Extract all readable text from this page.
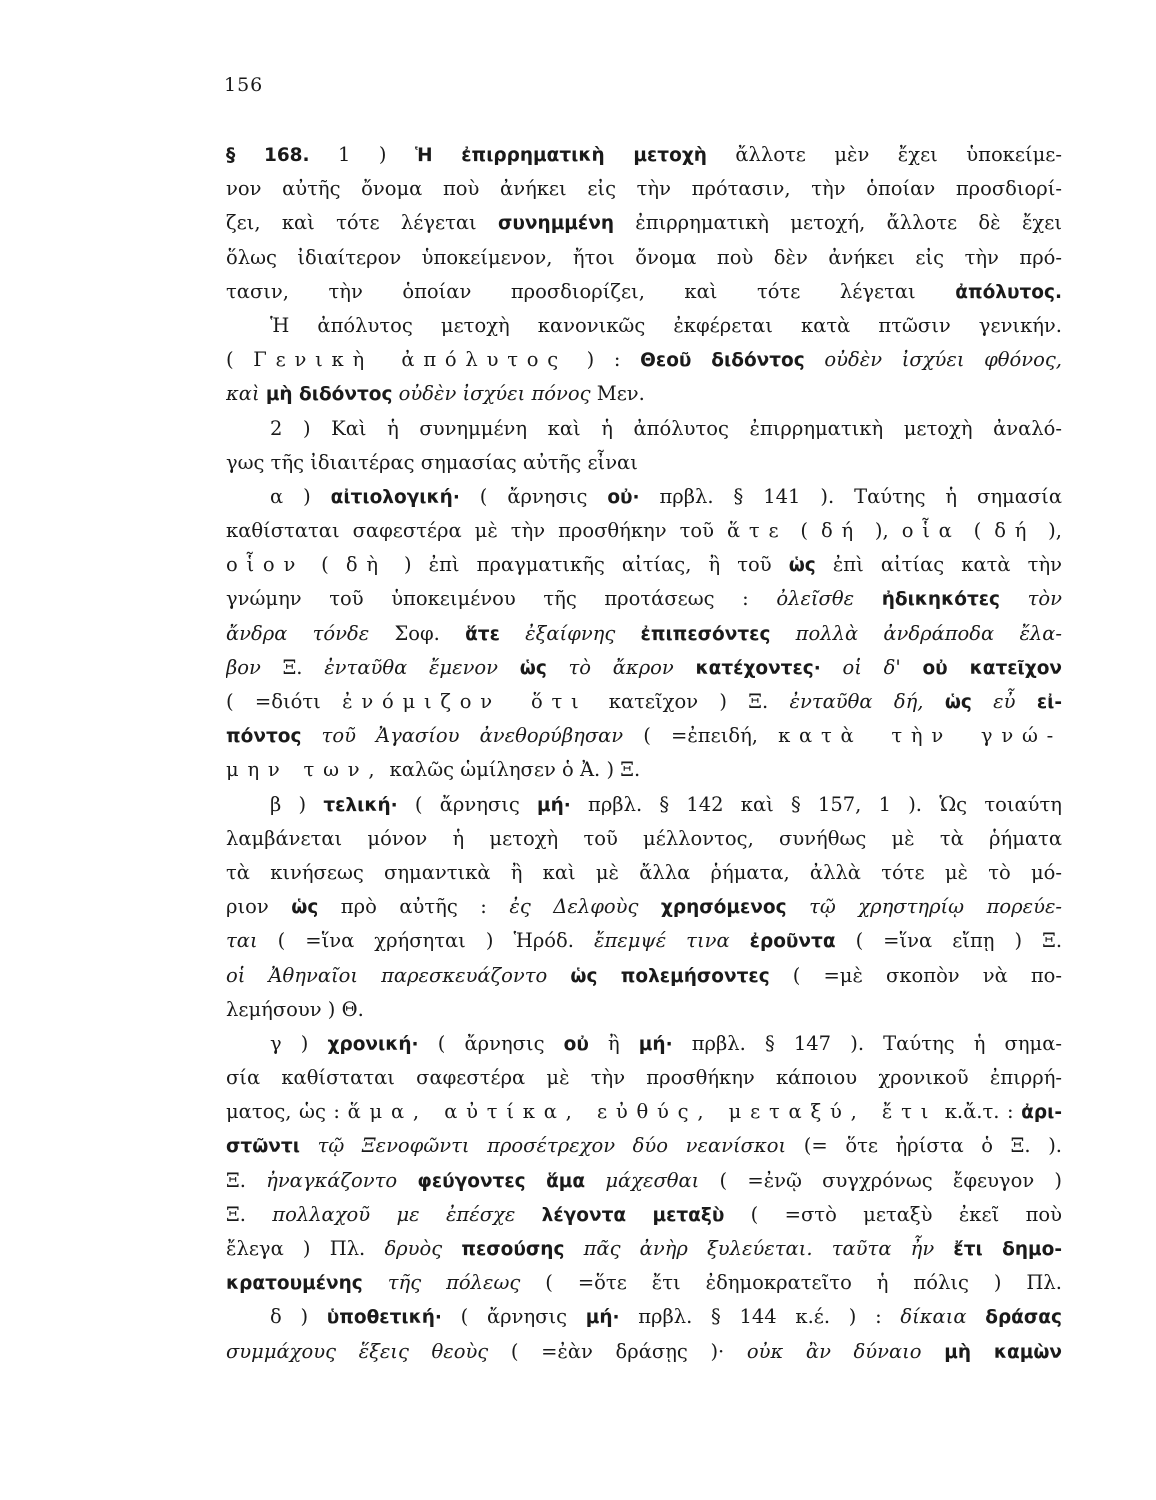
156
§ 168. 1 ) Ἡ ἐπιρρηματικὴ μετοχὴ ἄλλοτε μὲν ἔχει ὑποκείμε-
νον αὐτῆς ὄνομα ποὺ ἀνήκει εἰς τὴν πρότασιν, τὴν ὁποίαν προσδιορί-
ζει, καὶ τότε λέγεται συνημμένη ἐπιρρηματικὴ μετοχή, ἄλλοτε δὲ ἔχει
ὅλως ἰδιαίτερον ὑποκείμενον, ἤτοι ὄνομα ποὺ δὲν ἀνήκει εἰς τὴν πρό-
τασιν, τὴν ὁποίαν προσδιορίζει, καὶ τότε λέγεται ἀπόλυτος.
Ἡ ἀπόλυτος μετοχὴ κανονικῶς ἐκφέρεται κατὰ πτῶσιν γενικήν.
( Γενικὴ ἀπόλυτος ) : Θεοῦ διδόντος οὐδὲν ἰσχύει φθόνος,
καὶ μὴ διδόντος οὐδὲν ἰσχύει πόνος Μεν.
2 ) Καὶ ἡ συνημμένη καὶ ἡ ἀπόλυτος ἐπιρρηματικὴ μετοχὴ ἀναλό-
γως τῆς ἰδιαιτέρας σημασίας αὐτῆς εἶναι
α ) αἰτιολογική· ( ἄρνησις οὐ· πρβλ. § 141 ). Ταύτης ἡ σημασία
καθίσταται σαφεστέρα μὲ τὴν προσθήκην τοῦ ἅτε ( δή ), οἷα ( δή ),
οἷον ( δὴ ) ἐπὶ πραγματικῆς αἰτίας, ἢ τοῦ ὡς ἐπὶ αἰτίας κατὰ τὴν
γνώμην τοῦ ὑποκειμένου τῆς προτάσεως : ὀλεῖσθε ἠδικηκότες τὸν
ἄνδρα τόνδε Σοφ. ἅτε ἐξαίφνης ἐπιπεσόντες πολλὰ ἀνδράποδα ἔλα-
βον Ξ. ἐνταῦθα ἔμενον ὡς τὸ ἄκρον κατέχοντες· οἱ δ' οὐ κατεῖχον
( =διότι ἐνόμιζον ὅτι κατεῖχον ) Ξ. ἐνταῦθα δή, ὡς εὖ εἰ-
πόντος τοῦ Ἀγασίου ἀνεθορύβησαν ( =ἐπειδή, κατὰ τὴν γνώ-
μην των, καλῶς ὡμίλησεν ὁ Ἀ. ) Ξ.
β ) τελική· ( ἄρνησις μή· πρβλ. § 142 καὶ § 157, 1 ). Ὡς τοιαύτη
λαμβάνεται μόνον ἡ μετοχὴ τοῦ μέλλοντος, συνήθως μὲ τὰ ῥήματα
τὰ κινήσεως σημαντικὰ ἢ καὶ μὲ ἄλλα ῥήματα, ἀλλὰ τότε μὲ τὸ μό-
ριον ὡς πρὸ αὐτῆς : ἐς Δελφοὺς χρησόμενος τῷ χρηστηρίῳ πορεύε-
ται ( =ἵνα χρήσηται ) Ἡρόδ. ἔπεμψέ τινα ἐροῦντα ( =ἵνα εἴπῃ ) Ξ.
οἱ Ἀθηναῖοι παρεσκευάζοντο ὡς πολεμήσοντες ( =μὲ σκοπὸν νὰ πο-
λεμήσουν ) Θ.
γ ) χρονική· ( ἄρνησις οὐ ἢ μή· πρβλ. § 147 ). Ταύτης ἡ σημα-
σία καθίσταται σαφεστέρα μὲ τὴν προσθήκην κάποιου χρονικοῦ ἐπιρρή-
ματος, ὡς : ἅμα, αὐτίκα, εὐθύς, μεταξύ, ἔτι κ.ἄ.τ. : ἀρι-
στῶντι τῷ Ξενοφῶντι προσέτρεχον δύο νεανίσκοι (= ὅτε ἠρίστα ὁ Ξ. ).
Ξ. ἠναγκάζοντο φεύγοντες ἅμα μάχεσθαι ( =ἐνῷ συγχρόνως ἔφευγον )
Ξ. πολλαχοῦ με ἐπέσχε λέγοντα μεταξὺ ( =στὸ μεταξὺ ἐκεῖ ποὺ
ἔλεγα ) Πλ. δρυὸς πεσούσης πᾶς ἀνὴρ ξυλεύεται. ταῦτα ἦν ἔτι δημο-
κρατουμένης τῆς πόλεως ( =ὅτε ἔτι ἐδημοκρατεῖτο ἡ πόλις ) Πλ.
δ ) ὑποθετική· ( ἄρνησις μή· πρβλ. § 144 κ.έ. ) : δίκαια δράσας
συμμάχους ἕξεις θεοὺς ( =ἐὰν δράσῃς )· οὐκ ἂν δύναιο μὴ καμὼν
